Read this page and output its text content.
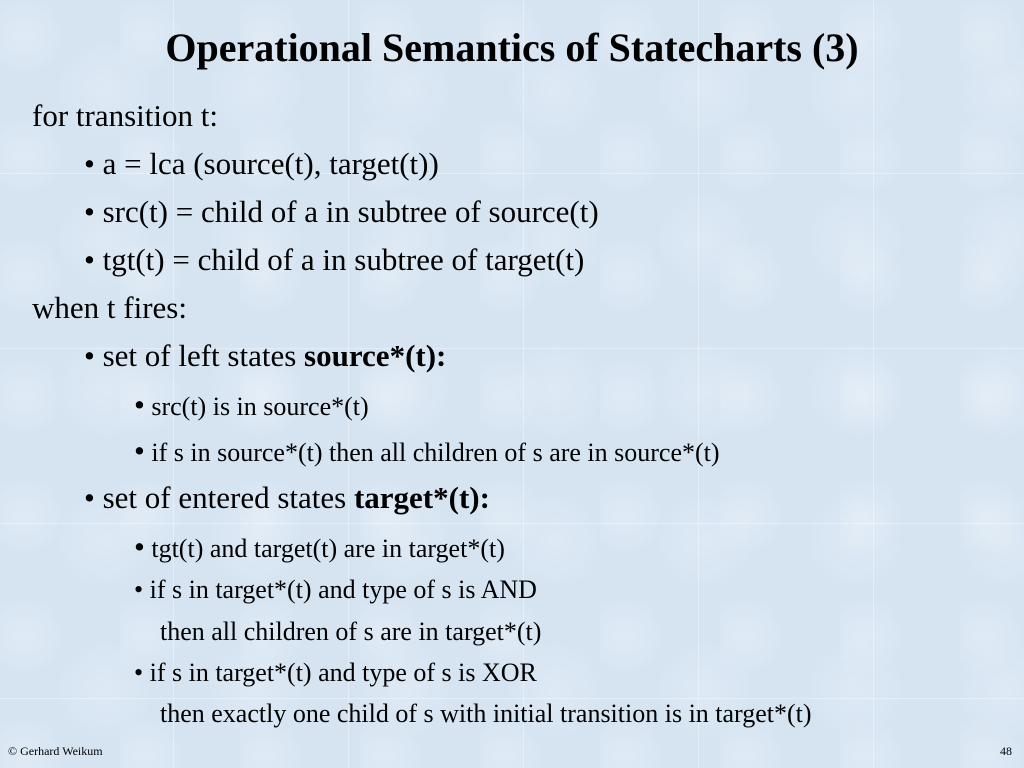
Operational Semantics of Statecharts (3)
for transition t:
• a = lca (source(t), target(t))
• src(t) = child of a in subtree of source(t)
• tgt(t) = child of a in subtree of target(t)
when t fires:
• set of left states source*(t):
• src(t) is in source*(t)
• if s in source*(t) then all children of s are in source*(t)
• set of entered states target*(t):
• tgt(t) and target(t) are in target*(t)
• if s in target*(t) and type of s is AND
then all children of s are in target*(t)
• if s in target*(t) and type of s is XOR
then exactly one child of s with initial transition is in target*(t)
© Gerhard Weikum	48
